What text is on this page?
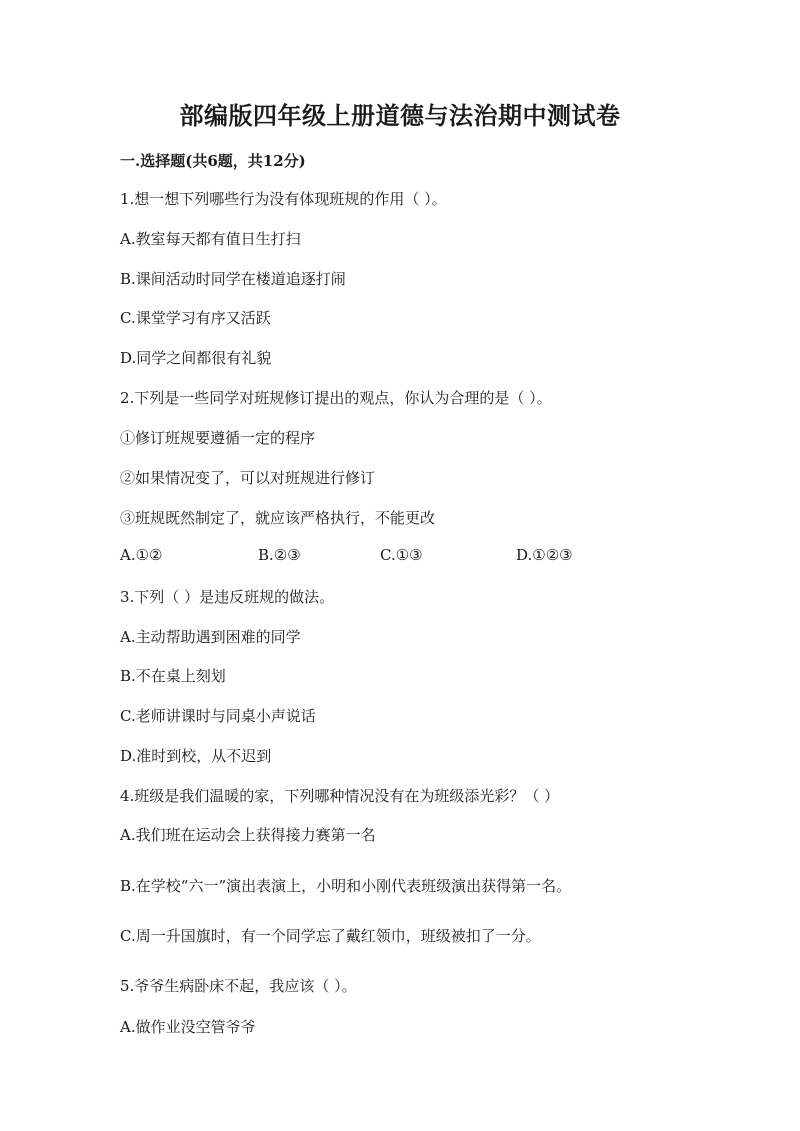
部编版四年级上册道德与法治期中测试卷
一.选择题(共6题，共12分)
1.想一想下列哪些行为没有体现班规的作用（ ）。
A.教室每天都有值日生打扫
B.课间活动时同学在楼道追逐打闹
C.课堂学习有序又活跃
D.同学之间都很有礼貌
2.下列是一些同学对班规修订提出的观点，你认为合理的是（ ）。
①修订班规要遵循一定的程序
②如果情况变了，可以对班规进行修订
③班规既然制定了，就应该严格执行，不能更改
A.①②	B.②③	C.①③	D.①②③
3.下列（ ）是违反班规的做法。
A.主动帮助遇到困难的同学
B.不在桌上刻划
C.老师讲课时与同桌小声说话
D.准时到校，从不迟到
4.班级是我们温暖的家，下列哪种情况没有在为班级添光彩？（ ）
A.我们班在运动会上获得接力赛第一名
B.在学校“六一”演出表演上，小明和小刚代表班级演出获得第一名。
C.周一升国旗时，有一个同学忘了戴红领巾，班级被扣了一分。
5.爷爷生病卧床不起，我应该（ ）。
A.做作业没空管爷爷
